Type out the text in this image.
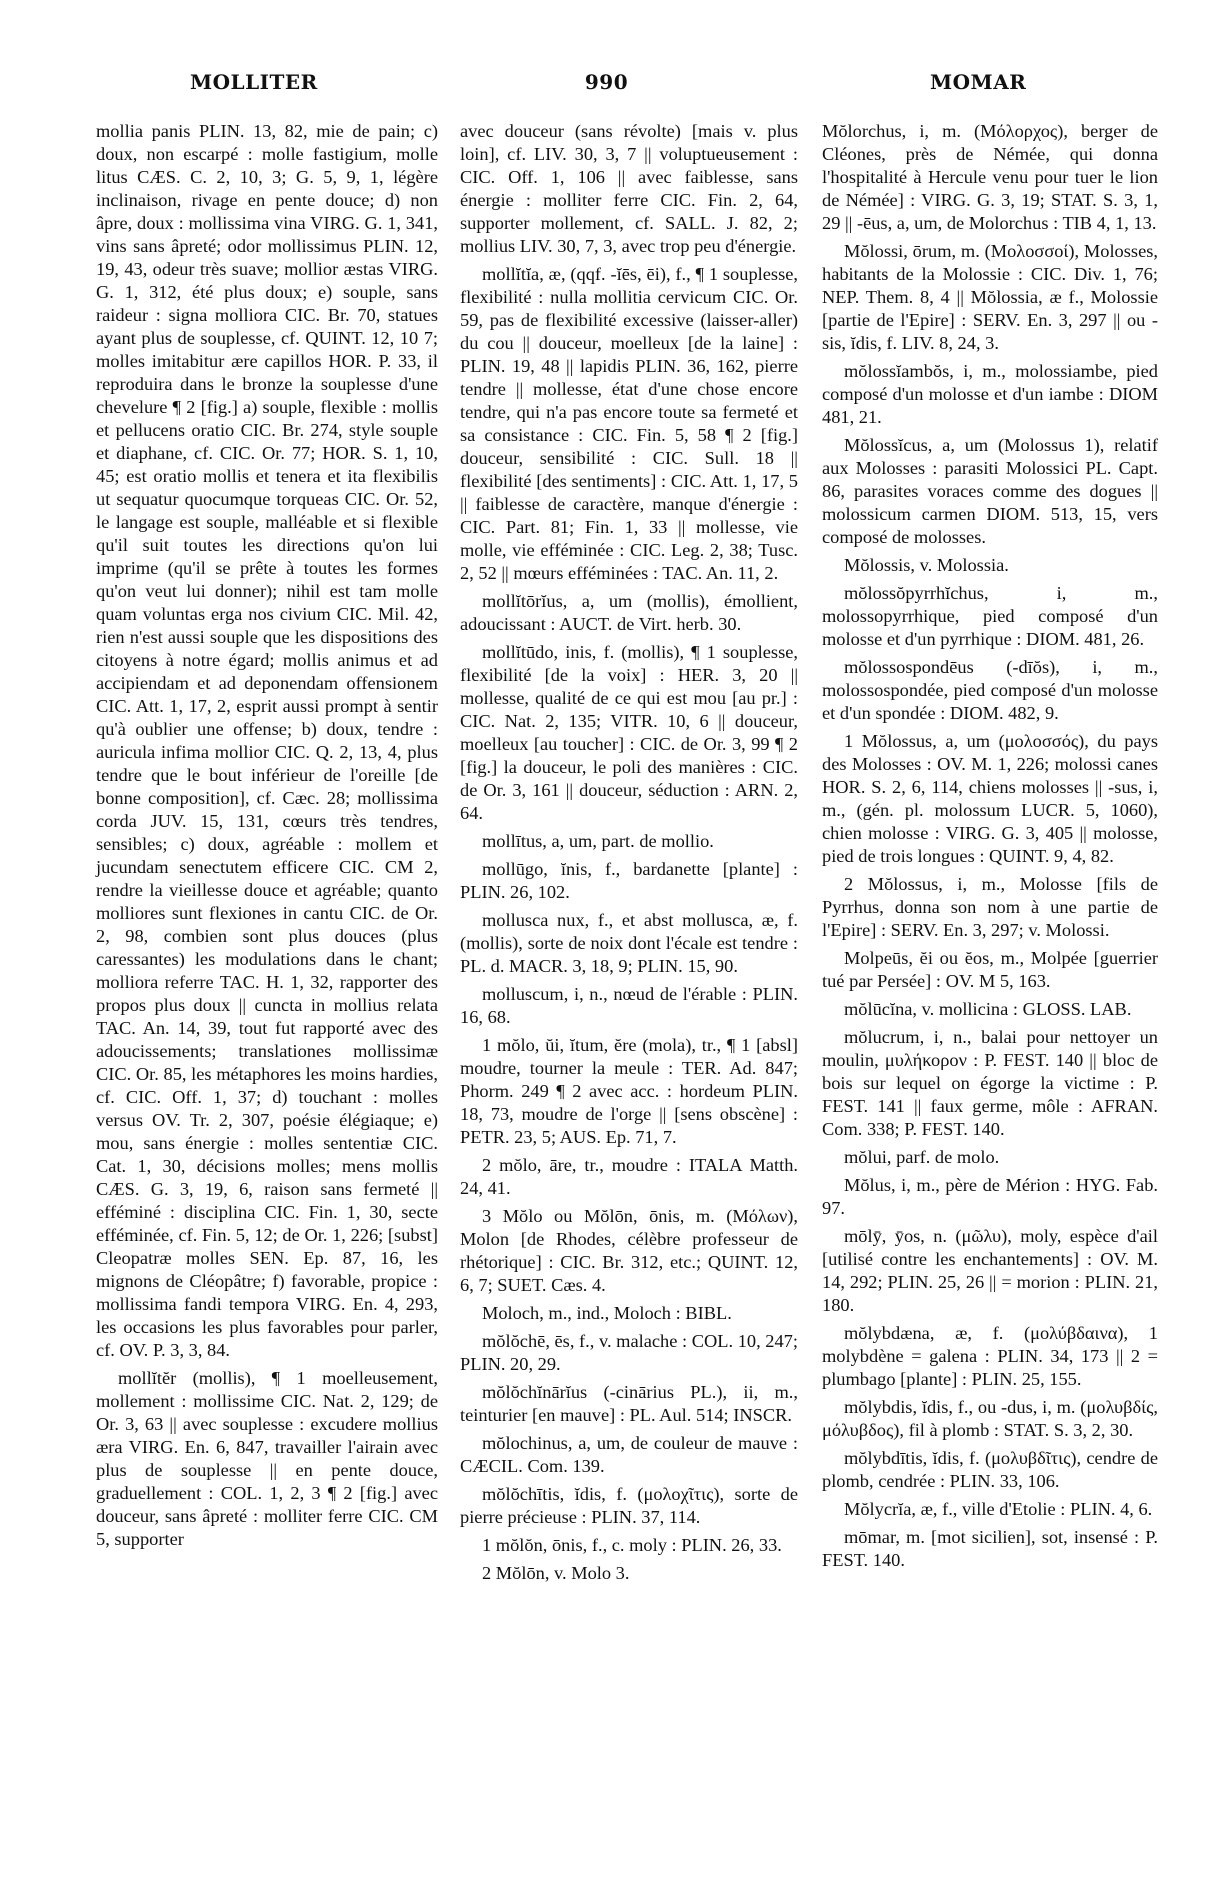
MOLLITER	990	MOMAR

mollia panis PLIN. 13, 82, mie de pain; c) doux, non escarpé : molle fastigium, molle litus CÆS. C. 2, 10, 3; G. 5, 9, 1, légère inclinaison, rivage en pente douce; d) non âpre, doux : mollissima vina VIRG. G. 1, 341, vins sans âpreté; odor mollissimus PLIN. 12, 19, 43, odeur très suave; mollior æstas VIRG. G. 1, 312, été plus doux; e) souple, sans raideur : signa molliora CIC. Br. 70, statues ayant plus de souplesse, cf. QUINT. 12, 10 7; molles imitabitur ære capillos HOR. P. 33, il reproduira dans le bronze la souplesse d'une chevelure ¶ 2 [fig.] a) souple, flexible : mollis et pellucens oratio CIC. Br. 274, style souple et diaphane, cf. CIC. Or. 77; HOR. S. 1, 10, 45; est oratio mollis et tenera et ita flexibilis ut sequatur quocumque torqueas CIC. Or. 52, le langage est souple, malléable et si flexible qu'il suit toutes les directions qu'on lui imprime (qu'il se prête à toutes les formes qu'on veut lui donner); nihil est tam molle quam voluntas erga nos civium CIC. Mil. 42, rien n'est aussi souple que les dispositions des citoyens à notre égard; mollis animus et ad accipiendam et ad deponendam offensionem CIC. Att. 1, 17, 2, esprit aussi prompt à sentir qu'à oublier une offense; b) doux, tendre : auricula infima mollior CIC. Q. 2, 13, 4, plus tendre que le bout inférieur de l'oreille [de bonne composition], cf. Cæc. 28; mollissima corda JUV. 15, 131, cœurs très tendres, sensibles; c) doux, agréable : mollem et jucundam senectutem efficere CIC. CM 2, rendre la vieillesse douce et agréable; quanto molliores sunt flexiones in cantu CIC. de Or. 2, 98, combien sont plus douces (plus caressantes) les modulations dans le chant; molliora referre TAC. H. 1, 32, rapporter des propos plus doux || cuncta in mollius relata TAC. An. 14, 39, tout fut rapporté avec des adoucissements; translationes mollissimæ CIC. Or. 85, les métaphores les moins hardies, cf. CIC. Off. 1, 37; d) touchant : molles versus OV. Tr. 2, 307, poésie élégiaque; e) mou, sans énergie : molles sententiæ CIC. Cat. 1, 30, décisions molles; mens mollis CÆS. G. 3, 19, 6, raison sans fermeté || efféminé : disciplina CIC. Fin. 1, 30, secte efféminée, cf. Fin. 5, 12; de Or. 1, 226; [subst] Cleopatræ molles SEN. Ep. 87, 16, les mignons de Cléopâtre; f) favorable, propice : mollissima fandi tempora VIRG. En. 4, 293, les occasions les plus favorables pour parler, cf. OV. P. 3, 3, 84.

mollĭtĕr (mollis), ¶ 1 moelleusement, mollement : mollissime CIC. Nat. 2, 129; de Or. 3, 63 || avec souplesse : excudere mollius æra VIRG. En. 6, 847, travailler l'airain avec plus de souplesse || en pente douce, graduellement : COL. 1, 2, 3 ¶ 2 [fig.] avec douceur, sans âpreté : molliter ferre CIC. CM 5, supporter

avec douceur (sans révolte) [mais v. plus loin], cf. LIV. 30, 3, 7 || voluptueusement : CIC. Off. 1, 106 || avec faiblesse, sans énergie : molliter ferre CIC. Fin. 2, 64, supporter mollement, cf. SALL. J. 82, 2; mollius LIV. 30, 7, 3, avec trop peu d'énergie.

mollĭtĭa, æ, (qqf. -ĭēs, ēi), f., ¶ 1 souplesse, flexibilité : nulla mollitia cervicum CIC. Or. 59, pas de flexibilité excessive (laisser-aller) du cou || douceur, moelleux [de la laine] : PLIN. 19, 48 || lapidis PLIN. 36, 162, pierre tendre || mollesse, état d'une chose encore tendre, qui n'a pas encore toute sa fermeté et sa consistance : CIC. Fin. 5, 58 ¶ 2 [fig.] douceur, sensibilité : CIC. Sull. 18 || flexibilité [des sentiments] : CIC. Att. 1, 17, 5 || faiblesse de caractère, manque d'énergie : CIC. Part. 81; Fin. 1, 33 || mollesse, vie molle, vie efféminée : CIC. Leg. 2, 38; Tusc. 2, 52 || mœurs efféminées : TAC. An. 11, 2.

mollĭtōrĭus, a, um (mollis), émollient, adoucissant : AUCT. de Virt. herb. 30.

mollĭtūdo, inis, f. (mollis), ¶ 1 souplesse, flexibilité [de la voix] : HER. 3, 20 || mollesse, qualité de ce qui est mou [au pr.] : CIC. Nat. 2, 135; VITR. 10, 6 || douceur, moelleux [au toucher] : CIC. de Or. 3, 99 ¶ 2 [fig.] la douceur, le poli des manières : CIC. de Or. 3, 161 || douceur, séduction : ARN. 2, 64.

mollītus, a, um, part. de mollio.

mollūgo, ĭnis, f., bardanette [plante] : PLIN. 26, 102.

mollusca nux, f., et abst mollusca, æ, f. (mollis), sorte de noix dont l'écale est tendre : PL. d. MACR. 3, 18, 9; PLIN. 15, 90.

molluscum, i, n., nœud de l'érable : PLIN. 16, 68.

1 mŏlo, ŭi, ĭtum, ĕre (mola), tr., ¶ 1 [absl] moudre, tourner la meule : TER. Ad. 847; Phorm. 249 ¶ 2 avec acc. : hordeum PLIN. 18, 73, moudre de l'orge || [sens obscène] : PETR. 23, 5; AUS. Ep. 71, 7.

2 mŏlo, āre, tr., moudre : ITALA Matth. 24, 41.

3 Mŏlo ou Mŏlōn, ōnis, m. (Μόλων), Molon [de Rhodes, célèbre professeur de rhétorique] : CIC. Br. 312, etc.; QUINT. 12, 6, 7; SUET. Cæs. 4.

Moloch, m., ind., Moloch : BIBL.

mŏlŏchē, ēs, f., v. malache : COL. 10, 247; PLIN. 20, 29.

mŏlŏchĭnārĭus (-cinārius PL.), ii, m., teinturier [en mauve] : PL. Aul. 514; INSCR.

mŏlochinus, a, um, de couleur de mauve : CÆCIL. Com. 139.

mŏlŏchītis, ĭdis, f. (μολοχῖτις), sorte de pierre précieuse : PLIN. 37, 114.

1 mŏlŏn, ōnis, f., c. moly : PLIN. 26, 33.

2 Mŏlōn, v. Molo 3.

Mŏlorchus, i, m. (Μόλορχος), berger de Cléones, près de Némée, qui donna l'hospitalité à Hercule venu pour tuer le lion de Némée] : VIRG. G. 3, 19; STAT. S. 3, 1, 29 || -ēus, a, um, de Molorchus : TIB 4, 1, 13.

Mŏlossi, ōrum, m. (Μολοσσοί), Molosses, habitants de la Molossie : CIC. Div. 1, 76; NEP. Them. 8, 4 || Mŏlossia, æ f., Molossie [partie de l'Epire] : SERV. En. 3, 297 || ou -sis, ĭdis, f. LIV. 8, 24, 3.

mŏlossĭambŏs, i, m., molossiambe, pied composé d'un molosse et d'un iambe : DIOM 481, 21.

Mŏlossĭcus, a, um (Molossus 1), relatif aux Molosses : parasiti Molossici PL. Capt. 86, parasites voraces comme des dogues || molossicum carmen DIOM. 513, 15, vers composé de molosses.

Mŏlossis, v. Molossia.

mŏlossŏpyrrhĭchus, i, m., molossopyrrhique, pied composé d'un molosse et d'un pyrrhique : DIOM. 481, 26.

mŏlossospondēus (-dīŏs), i, m., molossospondée, pied composé d'un molosse et d'un spondée : DIOM. 482, 9.

1 Mŏlossus, a, um (μολοσσός), du pays des Molosses : OV. M. 1, 226; molossi canes HOR. S. 2, 6, 114, chiens molosses || -sus, i, m., (gén. pl. molossum LUCR. 5, 1060), chien molosse : VIRG. G. 3, 405 || molosse, pied de trois longues : QUINT. 9, 4, 82.

2 Mŏlossus, i, m., Molosse [fils de Pyrrhus, donna son nom à une partie de l'Epire] : SERV. En. 3, 297; v. Molossi.

Molpeūs, ĕi ou ĕos, m., Molpée [guerrier tué par Persée] : OV. M 5, 163.

mŏlūcĭna, v. mollicina : GLOSS. LAB.

mŏlucrum, i, n., balai pour nettoyer un moulin, μυλήκορον : P. FEST. 140 || bloc de bois sur lequel on égorge la victime : P. FEST. 141 || faux germe, môle : AFRAN. Com. 338; P. FEST. 140.

mŏlui, parf. de molo.

Mŏlus, i, m., père de Mérion : HYG. Fab. 97.

mōlȳ, ȳos, n. (μῶλυ), moly, espèce d'ail [utilisé contre les enchantements] : OV. M. 14, 292; PLIN. 25, 26 || = morion : PLIN. 21, 180.

mŏlybdæna, æ, f. (μολύβδαινα), 1 molybdène = galena : PLIN. 34, 173 || 2 = plumbago [plante] : PLIN. 25, 155.

mŏlybdis, ĭdis, f., ou -dus, i, m. (μολυβδίς, μόλυβδος), fil à plomb : STAT. S. 3, 2, 30.

mŏlybdītis, ĭdis, f. (μολυβδῖτις), cendre de plomb, cendrée : PLIN. 33, 106.

Mŏlycrĭa, æ, f., ville d'Etolie : PLIN. 4, 6.

mōmar, m. [mot sicilien], sot, insensé : P. FEST. 140.
